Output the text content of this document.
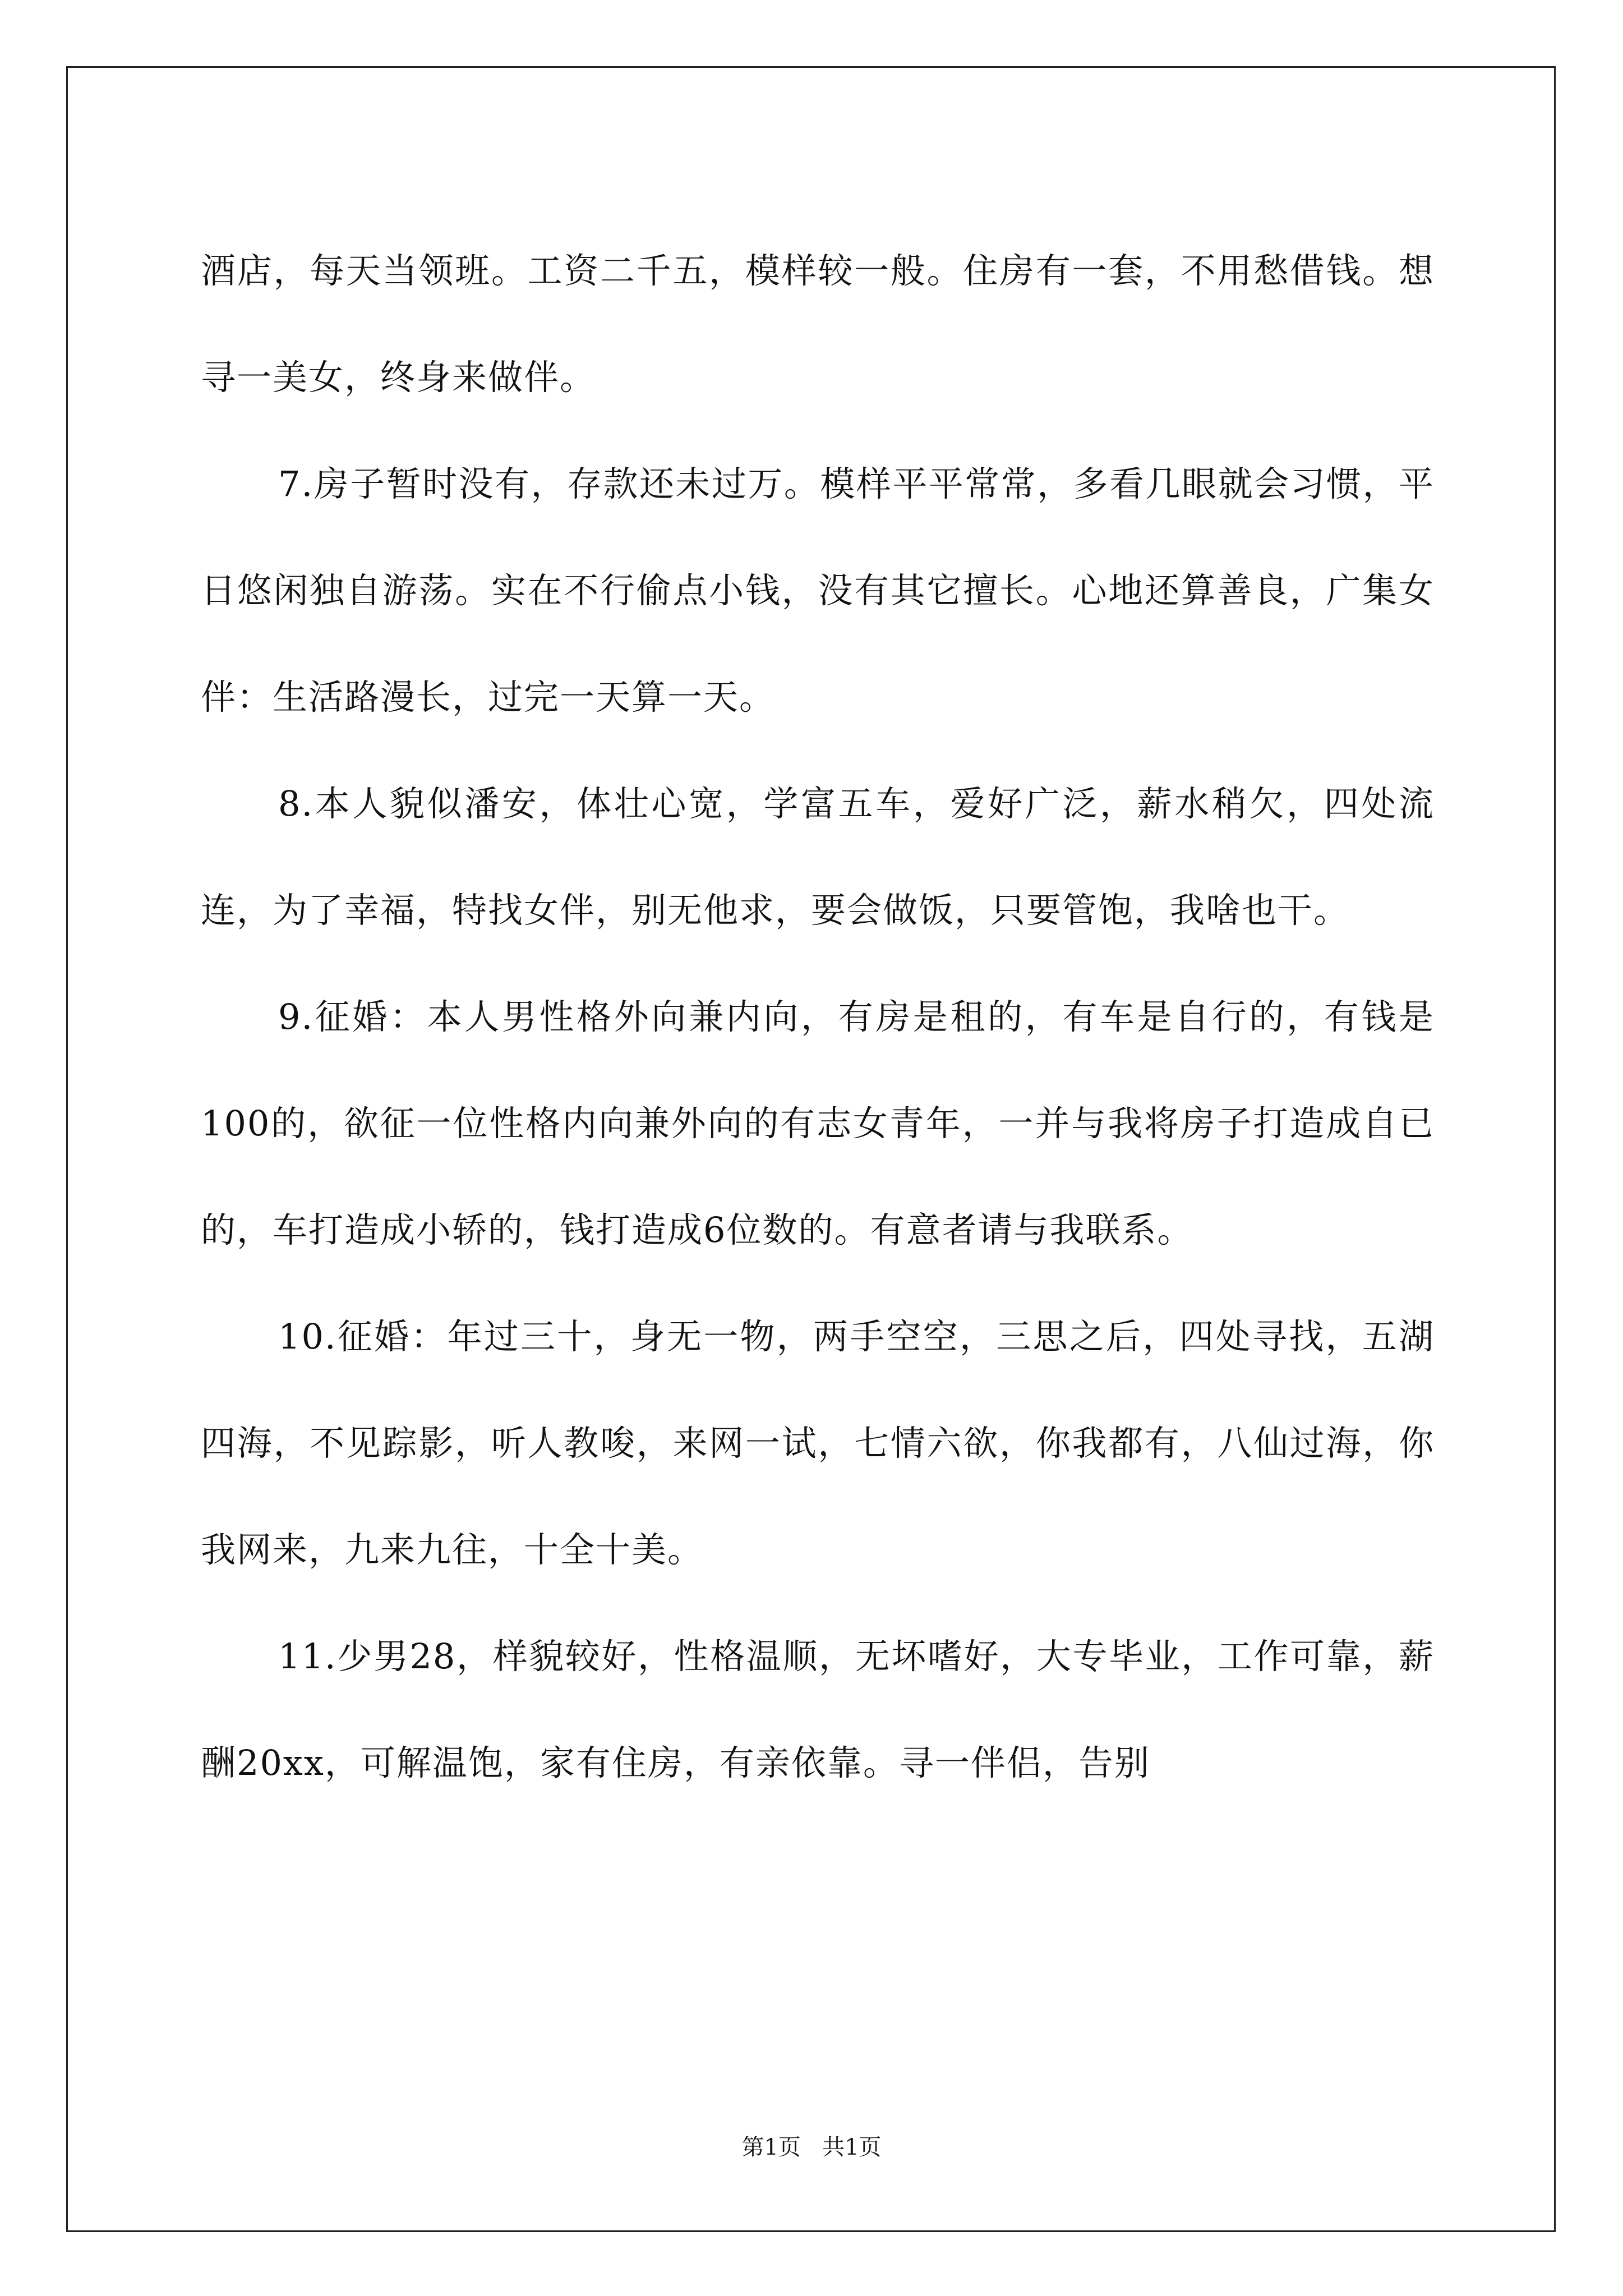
酒店，每天当领班。工资二千五，模样较一般。住房有一套，不用愁借钱。想寻一美女，终身来做伴。

7.房子暂时没有，存款还未过万。模样平平常常，多看几眼就会习惯，平日悠闲独自游荡。实在不行偷点小钱，没有其它擅长。心地还算善良，广集女伴：生活路漫长，过完一天算一天。

8.本人貌似潘安，体壮心宽，学富五车，爱好广泛，薪水稍欠，四处流连，为了幸福，特找女伴，别无他求，要会做饭，只要管饱，我啥也干。

9.征婚：本人男性格外向兼内向，有房是租的，有车是自行的，有钱是100的，欲征一位性格内向兼外向的有志女青年，一并与我将房子打造成自已的，车打造成小轿的，钱打造成6位数的。有意者请与我联系。

10.征婚：年过三十，身无一物，两手空空，三思之后，四处寻找，五湖四海，不见踪影，听人教唆，来网一试，七情六欲，你我都有，八仙过海，你我网来，九来九往，十全十美。

11.少男28，样貌较好，性格温顺，无坏嗜好，大专毕业，工作可靠，薪酬20xx，可解温饱，家有住房，有亲依靠。寻一伴侣，告别

第1页 共1页
